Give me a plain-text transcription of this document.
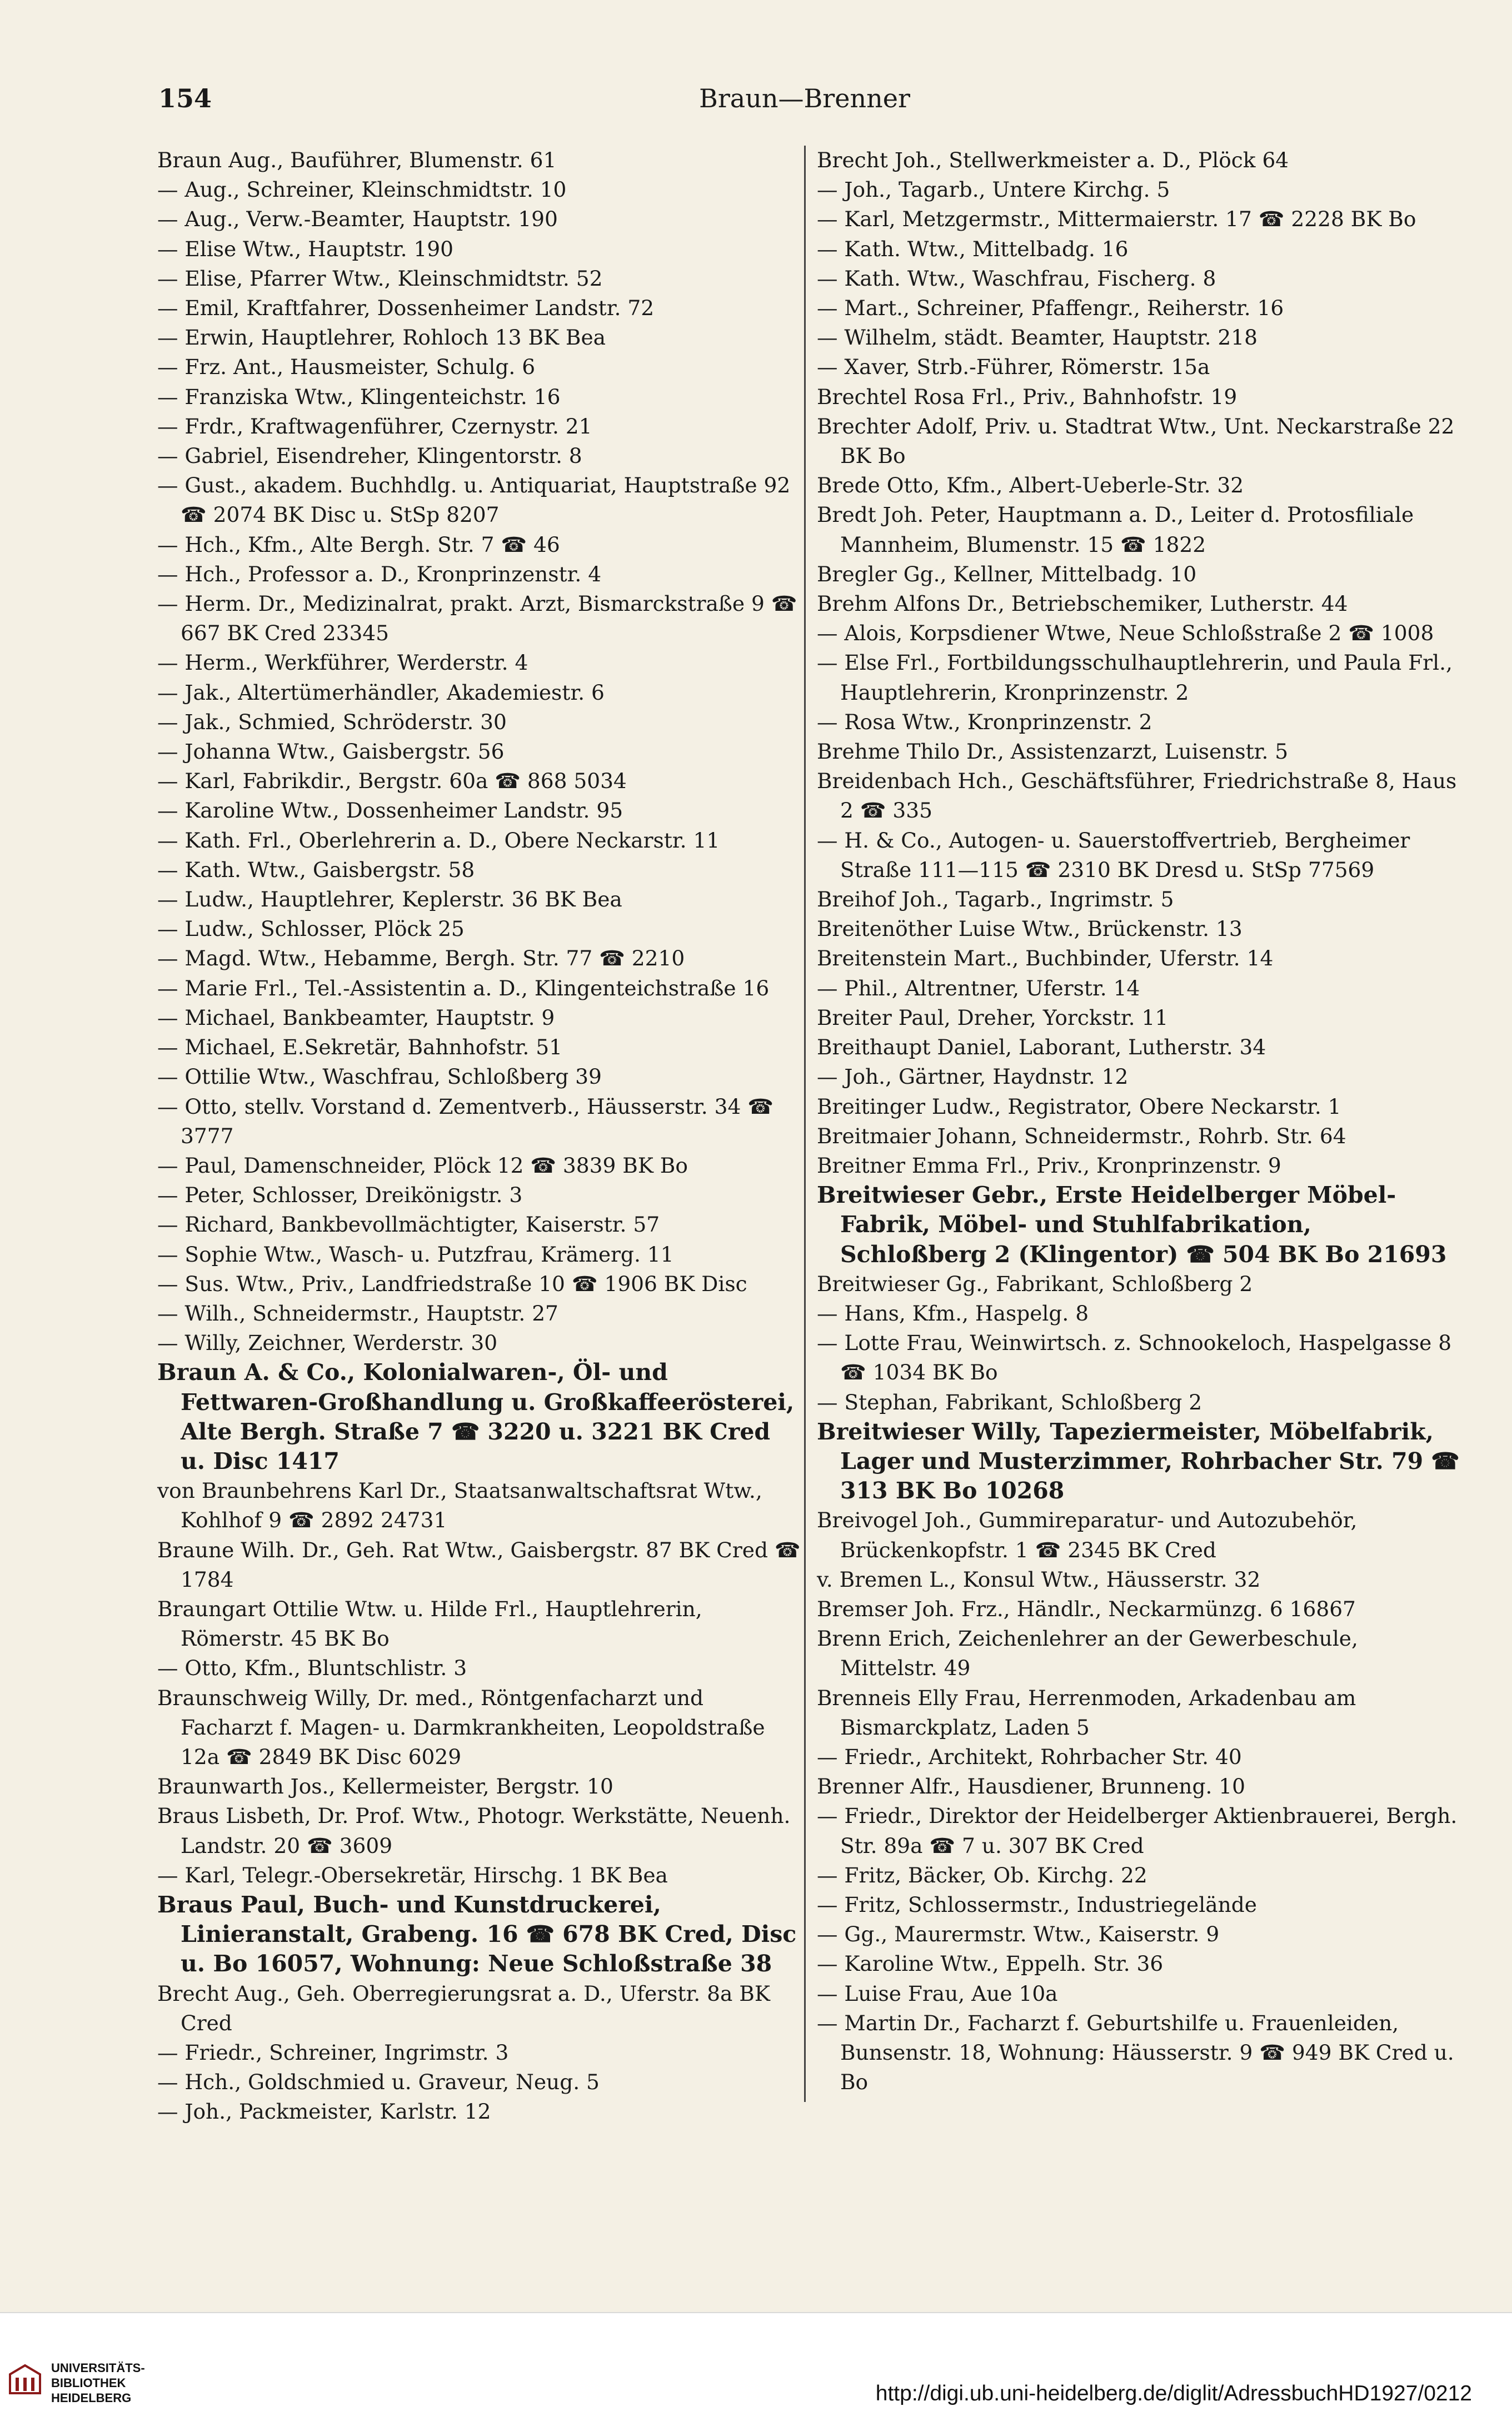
Braun—Brenner
154

Braun Aug., Bauführer, Blumenstr. 61

— Aug., Schreiner, Kleinschmidtstr. 10

— Aug., Verw.-Beamter, Hauptstr. 190

— Elise Wtw., Hauptstr. 190

— Elise, Pfarrer Wtw., Kleinschmidtstr. 52

— Emil, Kraftfahrer, Dossenheimer Landstr. 72

— Erwin, Hauptlehrer, Rohloch 13 BK Bea

— Frz. Ant., Hausmeister, Schulg. 6

— Franziska Wtw., Klingenteichstr. 16

— Frdr., Kraftwagenführer, Czernystr. 21

— Gabriel, Eisendreher, Klingentorstr. 8

— Gust., akadem. Buchhdlg. u. Antiquariat, Hauptstraße 92 ☎ 2074 BK Disc u. StSp 8207

— Hch., Kfm., Alte Bergh. Str. 7 ☎ 46

— Hch., Professor a. D., Kronprinzenstr. 4

— Herm. Dr., Medizinalrat, prakt. Arzt, Bismarckstraße 9 ☎ 667 BK Cred 23345

— Herm., Werkführer, Werderstr. 4

— Jak., Altertümerhändler, Akademiestr. 6

— Jak., Schmied, Schröderstr. 30

— Johanna Wtw., Gaisbergstr. 56

— Karl, Fabrikdir., Bergstr. 60a ☎ 868 5034

— Karoline Wtw., Dossenheimer Landstr. 95

— Kath. Frl., Oberlehrerin a. D., Obere Neckarstr. 11

— Kath. Wtw., Gaisbergstr. 58

— Ludw., Hauptlehrer, Keplerstr. 36 BK Bea

— Ludw., Schlosser, Plöck 25

— Magd. Wtw., Hebamme, Bergh. Str. 77 ☎ 2210

— Marie Frl., Tel.-Assistentin a. D., Klingenteichstraße 16

— Michael, Bankbeamter, Hauptstr. 9

— Michael, E.Sekretär, Bahnhofstr. 51

— Ottilie Wtw., Waschfrau, Schloßberg 39

— Otto, stellv. Vorstand d. Zementverb., Häusserstr. 34 ☎ 3777

— Paul, Damenschneider, Plöck 12 ☎ 3839 BK Bo

— Peter, Schlosser, Dreikönigstr. 3

— Richard, Bankbevollmächtigter, Kaiserstr. 57

— Sophie Wtw., Wasch- u. Putzfrau, Krämerg. 11

— Sus. Wtw., Priv., Landfriedstraße 10 ☎ 1906 BK Disc

— Wilh., Schneidermstr., Hauptstr. 27

— Willy, Zeichner, Werderstr. 30

Braun A. & Co., Kolonialwaren-, Öl- und Fettwaren-Großhandlung u. Großkaffeerösterei, Alte Bergh. Straße 7 ☎ 3220 u. 3221 BK Cred u. Disc 1417

von Braunbehrens Karl Dr., Staatsanwaltschaftsrat Wtw., Kohlhof 9 ☎ 2892 24731

Braune Wilh. Dr., Geh. Rat Wtw., Gaisbergstr. 87 BK Cred ☎ 1784

Braungart Ottilie Wtw. u. Hilde Frl., Hauptlehrerin, Römerstr. 45 BK Bo

— Otto, Kfm., Bluntschlistr. 3

Braunschweig Willy, Dr. med., Röntgenfacharzt und Facharzt f. Magen- u. Darmkrankheiten, Leopoldstraße 12a ☎ 2849 BK Disc 6029

Braunwarth Jos., Kellermeister, Bergstr. 10

Braus Lisbeth, Dr. Prof. Wtw., Photogr. Werkstätte, Neuenh. Landstr. 20 ☎ 3609

— Karl, Telegr.-Obersekretär, Hirschg. 1 BK Bea

Braus Paul, Buch- und Kunstdruckerei, Linieranstalt, Grabeng. 16 ☎ 678 BK Cred, Disc u. Bo 16057, Wohnung: Neue Schloßstraße 38

Brecht Aug., Geh. Oberregierungsrat a. D., Uferstr. 8a BK Cred

— Friedr., Schreiner, Ingrimstr. 3

— Hch., Goldschmied u. Graveur, Neug. 5

— Joh., Packmeister, Karlstr. 12

Brecht Joh., Stellwerkmeister a. D., Plöck 64

— Joh., Tagarb., Untere Kirchg. 5

— Karl, Metzgermstr., Mittermaierstr. 17 ☎ 2228 BK Bo

— Kath. Wtw., Mittelbadg. 16

— Kath. Wtw., Waschfrau, Fischerg. 8

— Mart., Schreiner, Pfaffengr., Reiherstr. 16

— Wilhelm, städt. Beamter, Hauptstr. 218

— Xaver, Strb.-Führer, Römerstr. 15a

Brechtel Rosa Frl., Priv., Bahnhofstr. 19

Brechter Adolf, Priv. u. Stadtrat Wtw., Unt. Neckarstraße 22 BK Bo

Brede Otto, Kfm., Albert-Ueberle-Str. 32

Bredt Joh. Peter, Hauptmann a. D., Leiter d. Protosfiliale Mannheim, Blumenstr. 15 ☎ 1822

Bregler Gg., Kellner, Mittelbadg. 10

Brehm Alfons Dr., Betriebschemiker, Lutherstr. 44

— Alois, Korpsdiener Wtwe, Neue Schloßstraße 2 ☎ 1008

— Else Frl., Fortbildungsschulhauptlehrerin, und Paula Frl., Hauptlehrerin, Kronprinzenstr. 2

— Rosa Wtw., Kronprinzenstr. 2

Brehme Thilo Dr., Assistenzarzt, Luisenstr. 5

Breidenbach Hch., Geschäftsführer, Friedrichstraße 8, Haus 2 ☎ 335

— H. & Co., Autogen- u. Sauerstoffvertrieb, Bergheimer Straße 111—115 ☎ 2310 BK Dresd u. StSp 77569

Breihof Joh., Tagarb., Ingrimstr. 5

Breitenöther Luise Wtw., Brückenstr. 13

Breitenstein Mart., Buchbinder, Uferstr. 14

— Phil., Altrentner, Uferstr. 14

Breiter Paul, Dreher, Yorckstr. 11

Breithaupt Daniel, Laborant, Lutherstr. 34

— Joh., Gärtner, Haydnstr. 12

Breitinger Ludw., Registrator, Obere Neckarstr. 1

Breitmaier Johann, Schneidermstr., Rohrb. Str. 64

Breitner Emma Frl., Priv., Kronprinzenstr. 9

Breitwieser Gebr., Erste Heidelberger Möbel-Fabrik, Möbel- und Stuhlfabrikation, Schloßberg 2 (Klingentor) ☎ 504 BK Bo 21693

Breitwieser Gg., Fabrikant, Schloßberg 2

— Hans, Kfm., Haspelg. 8

— Lotte Frau, Weinwirtsch. z. Schnookeloch, Haspelgasse 8 ☎ 1034 BK Bo

— Stephan, Fabrikant, Schloßberg 2

Breitwieser Willy, Tapeziermeister, Möbelfabrik, Lager und Musterzimmer, Rohrbacher Str. 79 ☎ 313 BK Bo 10268

Breivogel Joh., Gummireparatur- und Autozubehör, Brückenkopfstr. 1 ☎ 2345 BK Cred

v. Bremen L., Konsul Wtw., Häusserstr. 32

Bremser Joh. Frz., Händlr., Neckarmünzg. 6 16867

Brenn Erich, Zeichenlehrer an der Gewerbeschule, Mittelstr. 49

Brenneis Elly Frau, Herrenmoden, Arkadenbau am Bismarckplatz, Laden 5

— Friedr., Architekt, Rohrbacher Str. 40

Brenner Alfr., Hausdiener, Brunneng. 10

— Friedr., Direktor der Heidelberger Aktienbrauerei, Bergh. Str. 89a ☎ 7 u. 307 BK Cred

— Fritz, Bäcker, Ob. Kirchg. 22

— Fritz, Schlossermstr., Industriegelände

— Gg., Maurermstr. Wtw., Kaiserstr. 9

— Karoline Wtw., Eppelh. Str. 36

— Luise Frau, Aue 10a

— Martin Dr., Facharzt f. Geburtshilfe u. Frauenleiden, Bunsenstr. 18, Wohnung: Häusserstr. 9 ☎ 949 BK Cred u. Bo

UNIVERSITÄTS-
BIBLIOTHEK
HEIDELBERG	http://digi.ub.uni-heidelberg.de/diglit/AdressbuchHD1927/0212
